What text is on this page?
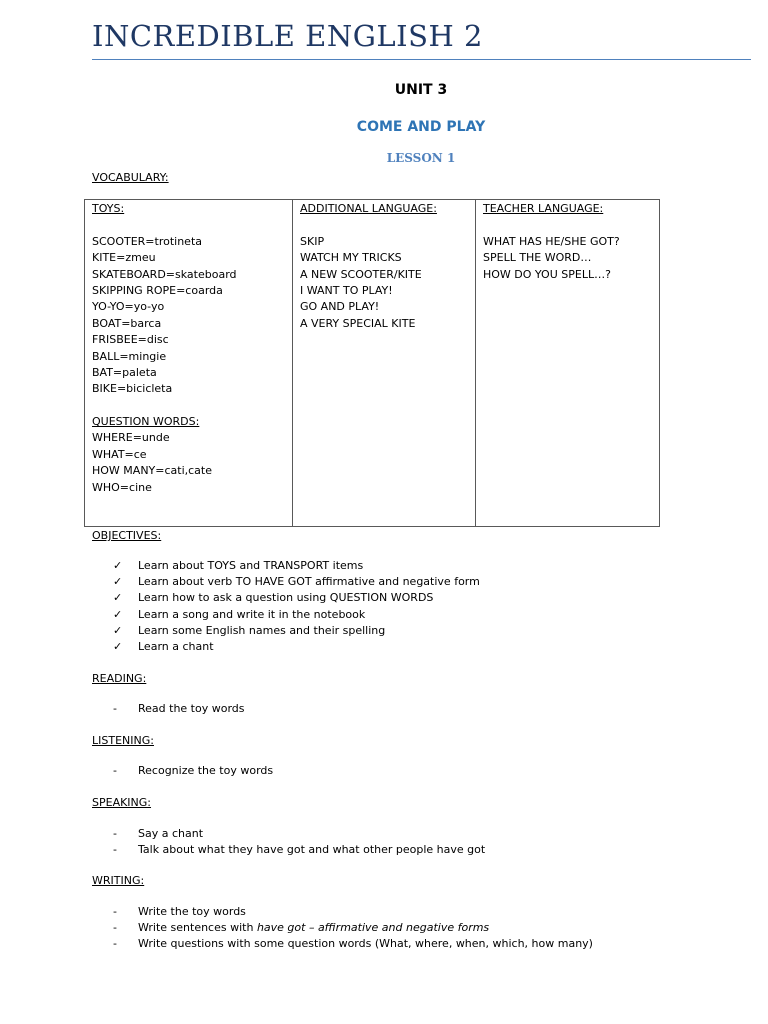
INCREDIBLE ENGLISH 2
UNIT 3
COME AND PLAY
LESSON 1
VOCABULARY:
TOYS:
SCOOTER=trotineta
KITE=zmeu
SKATEBOARD=skateboard
SKIPPING ROPE=coarda
YO-YO=yo-yo
BOAT=barca
FRISBEE=disc
BALL=mingie
BAT=paleta
BIKE=bicicleta
QUESTION WORDS:
WHERE=unde
WHAT=ce
HOW MANY=cati,cate
WHO=cine

ADDITIONAL LANGUAGE:
SKIP
WATCH MY TRICKS
A NEW SCOOTER/KITE
I WANT TO PLAY!
GO AND PLAY!
A VERY SPECIAL KITE

TEACHER LANGUAGE:
WHAT HAS HE/SHE GOT?
SPELL THE WORD…
HOW DO YOU SPELL…?
OBJECTIVES:
✓	Learn about TOYS and TRANSPORT items
✓	Learn about verb TO HAVE GOT affirmative and negative form
✓	Learn how to ask a question using QUESTION WORDS
✓	Learn a song and write it in the notebook
✓	Learn some English names and their spelling
✓	Learn a chant
READING:
-	Read the toy words
LISTENING:
-	Recognize the toy words
SPEAKING:
-	Say a chant
-	Talk about what they have got and what other people have got
WRITING:
-	Write the toy words
-	Write sentences with have got – affirmative and negative forms
-	Write questions with some question words (What, where, when, which, how many)
